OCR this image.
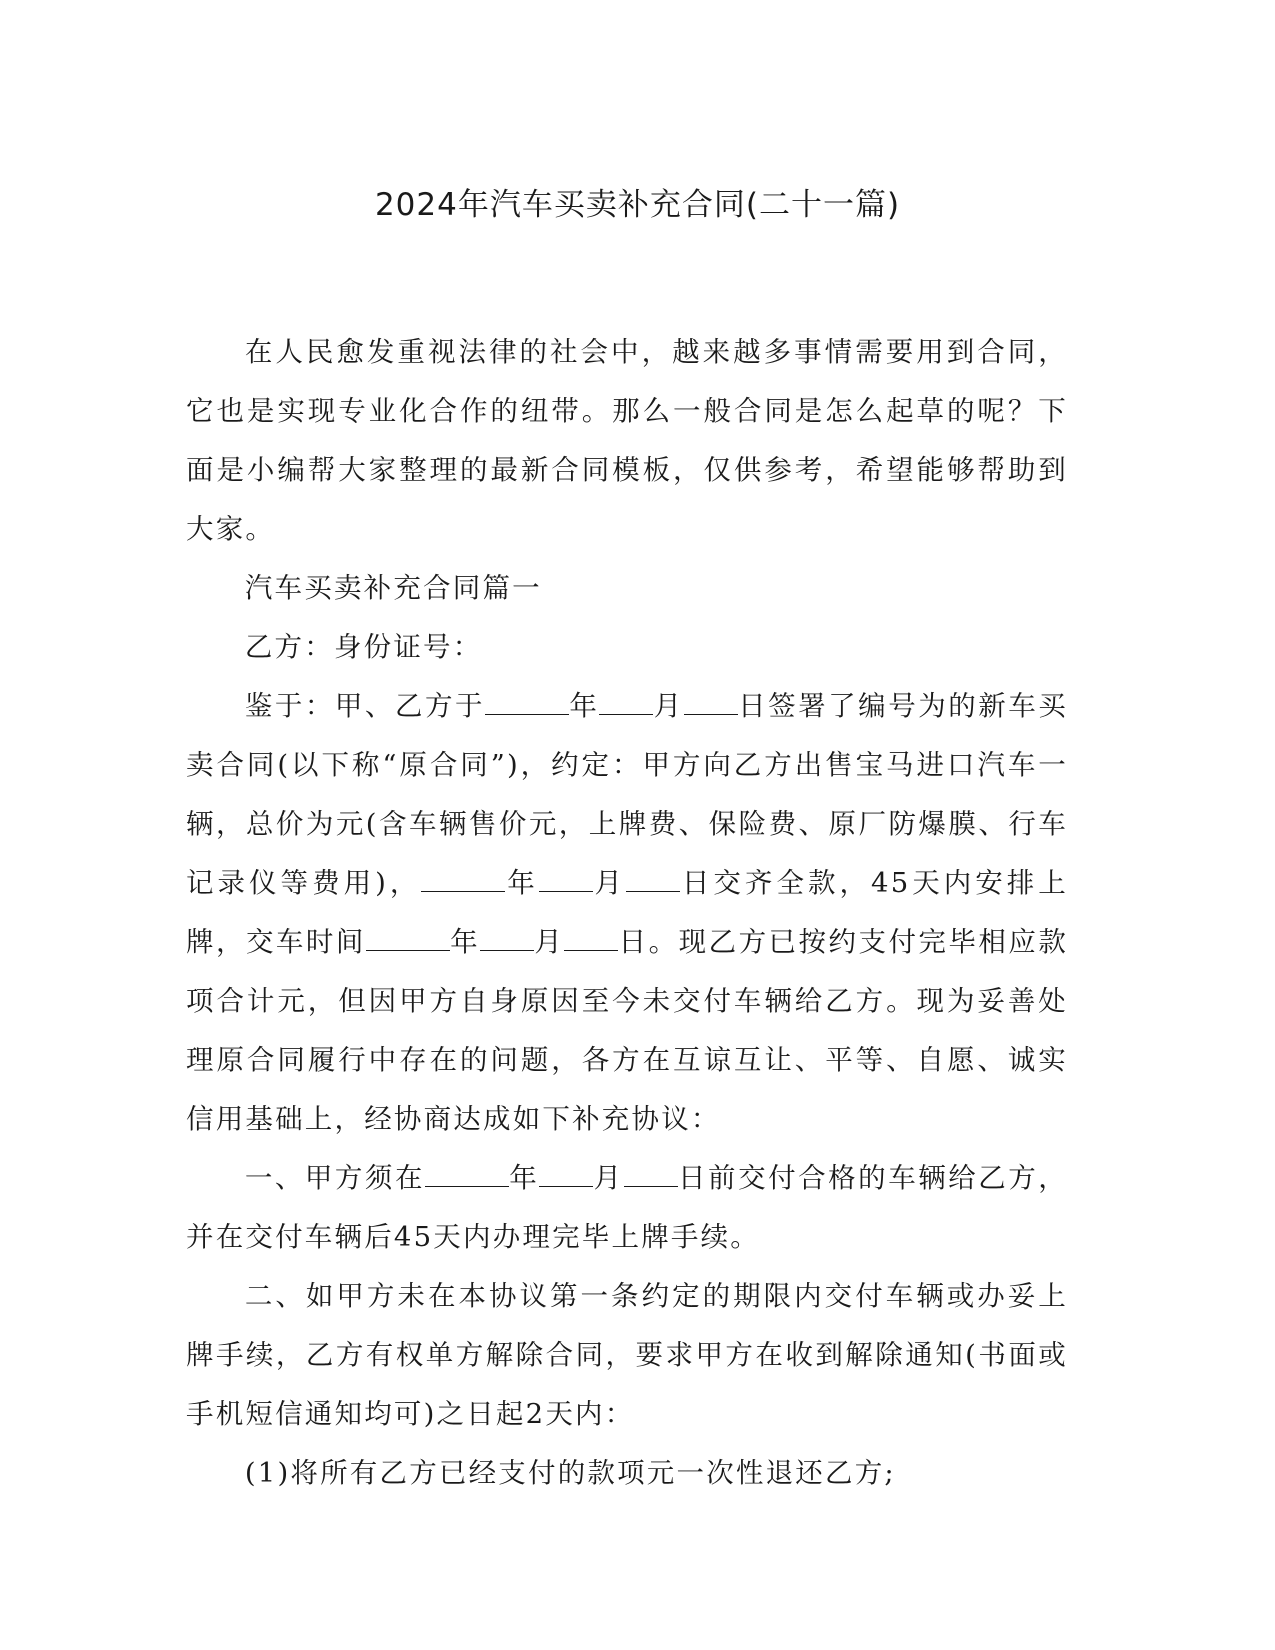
2024年汽车买卖补充合同(二十一篇)

在人民愈发重视法律的社会中，越来越多事情需要用到合同，它也是实现专业化合作的纽带。那么一般合同是怎么起草的呢？下面是小编帮大家整理的最新合同模板，仅供参考，希望能够帮助到大家。

汽车买卖补充合同篇一

乙方：身份证号：

鉴于：甲、乙方于	年 月 日签署了编号为的新车买卖合同(以下称“原合同”)，约定：甲方向乙方出售宝马进口汽车一辆，总价为元(含车辆售价元，上牌费、保险费、原厂防爆膜、行车记录仪等费用)，	年 月 日交齐全款，45天内安排上牌，交车时间	年 月 日。现乙方已按约支付完毕相应款项合计元，但因甲方自身原因至今未交付车辆给乙方。现为妥善处理原合同履行中存在的问题，各方在互谅互让、平等、自愿、诚实信用基础上，经协商达成如下补充协议：

一、甲方须在	年 月 日前交付合格的车辆给乙方，并在交付车辆后45天内办理完毕上牌手续。

二、如甲方未在本协议第一条约定的期限内交付车辆或办妥上牌手续，乙方有权单方解除合同，要求甲方在收到解除通知(书面或手机短信通知均可)之日起2天内：

(1)将所有乙方已经支付的款项元一次性退还乙方;
